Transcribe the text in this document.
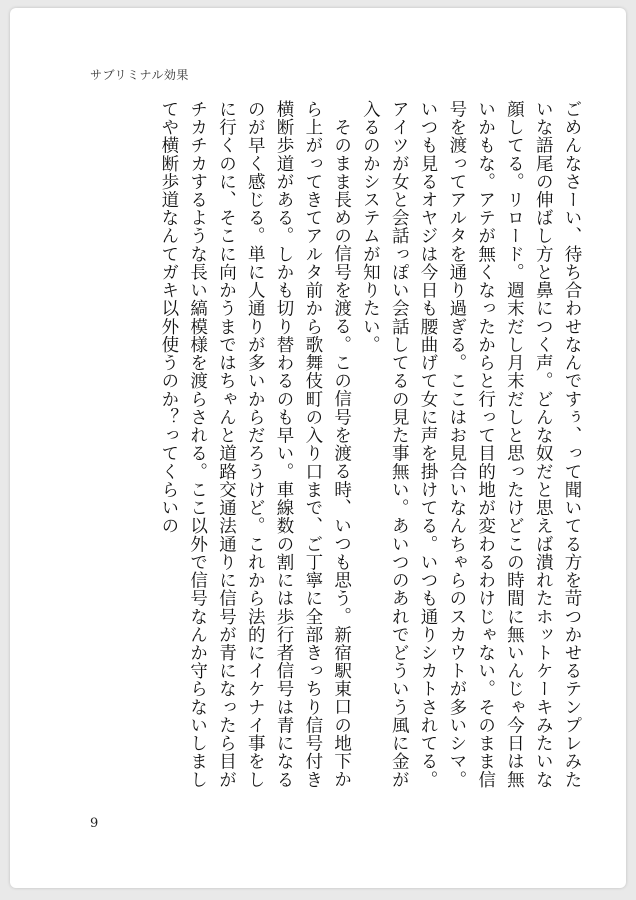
サブリミナル効果

ごめんなさーい、待ち合わせなんですぅ、って聞いてる方を苛つかせるテンプレみたいな語尾の伸ばし方と鼻につく声。どんな奴だと思えば潰れたホットケーキみたいな顔してる。リロード。週末だし月末だしと思ったけどこの時間に無いんじゃ今日は無いかもな。アテが無くなったからと行って目的地が変わるわけじゃない。そのまま信号を渡ってアルタを通り過ぎる。ここはお見合いなんちゃらのスカウトが多いシマ。いつも見るオヤジは今日も腰曲げて女に声を掛けてる。いつも通りシカトされてる。アイツが女と会話っぽい会話してるの見た事無い。あいつのあれでどういう風に金が入るのかシステムが知りたい。

そのまま長めの信号を渡る。この信号を渡る時、いつも思う。新宿駅東口の地下から上がってきてアルタ前から歌舞伎町の入り口まで、ご丁寧に全部きっちり信号付き横断歩道がある。しかも切り替わるのも早い。車線数の割には歩行者信号は青になるのが早く感じる。単に人通りが多いからだろうけど。これから法的にイケナイ事をしに行くのに、そこに向かうまではちゃんと道路交通法通りに信号が青になったら目がチカチカするような長い縞模様を渡らされる。ここ以外で信号なんか守らないしましてや横断歩道なんてガキ以外使うのか？ってくらいの

9
